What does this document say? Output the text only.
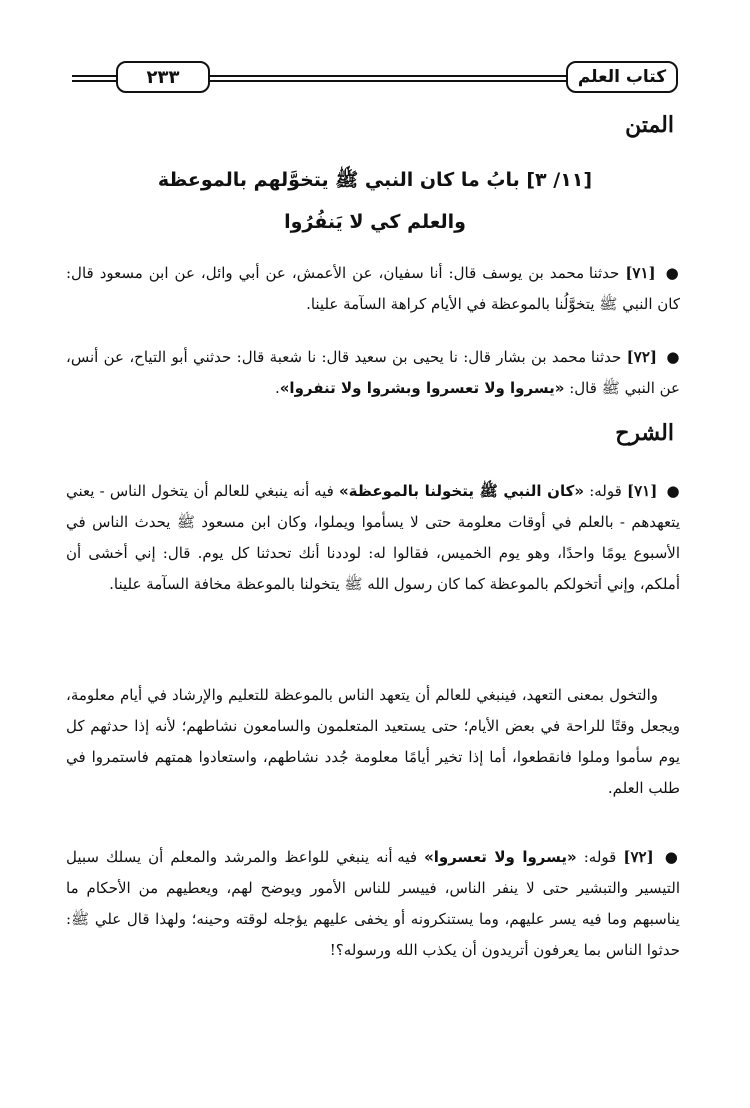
٢٣٣	كتاب العلم
المتن
[١١/ ٣] بابُ ما كان النبي ﷺ يتخوَّلهم بالموعظة
والعلم كي لا يَنفُرُوا
● [٧١] حدثنا محمد بن يوسف قال: أنا سفيان، عن الأعمش، عن أبي وائل، عن ابن مسعود قال: كان النبي ﷺ يتخوَّلُنا بالموعظة في الأيام كراهة السآمة علينا.
● [٧٢] حدثنا محمد بن بشار قال: نا يحيى بن سعيد قال: نا شعبة قال: حدثني أبو التياح، عن أنس، عن النبي ﷺ قال: «يسروا ولا تعسروا وبشروا ولا تنفروا».
الشرح
● [٧١] قوله: «كان النبي ﷺ يتخولنا بالموعظة» فيه أنه ينبغي للعالم أن يتخول الناس - يعني يتعهدهم - بالعلم في أوقات معلومة حتى لا يسأموا ويملوا، وكان ابن مسعود ﷺ يحدث الناس في الأسبوع يومًا واحدًا، وهو يوم الخميس، فقالوا له: لوددنا أنك تحدثنا كل يوم. قال: إني أخشى أن أملكم، وإني أتخولكم بالموعظة كما كان رسول الله ﷺ يتخولنا بالموعظة مخافة السآمة علينا.
والتخول بمعنى التعهد، فينبغي للعالم أن يتعهد الناس بالموعظة للتعليم والإرشاد في أيام معلومة، ويجعل وقتًا للراحة في بعض الأيام؛ حتى يستعيد المتعلمون والسامعون نشاطهم؛ لأنه إذا حدثهم كل يوم سأموا وملوا فانقطعوا، أما إذا تخير أيامًا معلومة جُدد نشاطهم، واستعادوا همتهم فاستمروا في طلب العلم.
● [٧٢] قوله: «يسروا ولا تعسروا» فيه أنه ينبغي للواعظ والمرشد والمعلم أن يسلك سبيل التيسير والتبشير حتى لا ينفر الناس، فييسر للناس الأمور ويوضح لهم، ويعطيهم من الأحكام ما يناسبهم وما فيه يسر عليهم، وما يستنكرونه أو يخفى عليهم يؤجله لوقته وحينه؛ ولهذا قال علي ﷺ: حدثوا الناس بما يعرفون أتريدون أن يكذب الله ورسوله؟!
